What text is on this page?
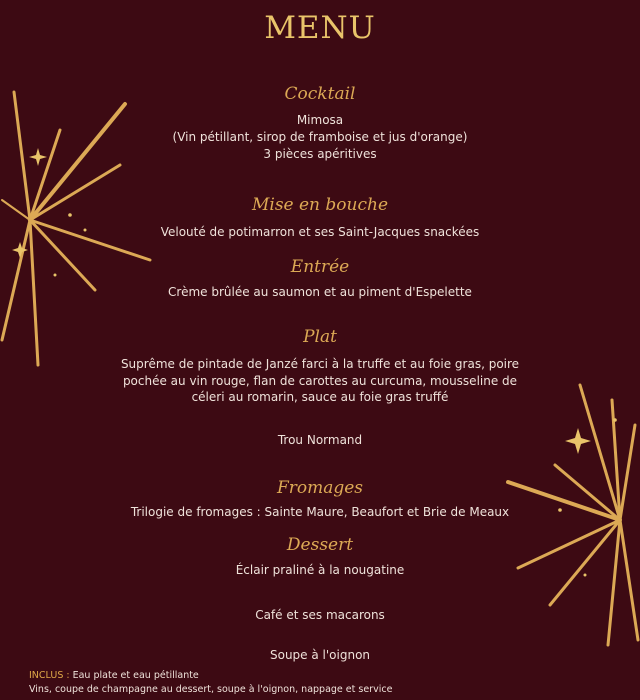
MENU
Cocktail
Mimosa
(Vin pétillant, sirop de framboise et jus d'orange)
3 pièces apéritives
Mise en bouche
Velouté de potimarron et ses Saint-Jacques snackées
Entrée
Crème brûlée au saumon et au piment d'Espelette
Plat
Suprême de pintade de Janzé farci à la truffe et au foie gras, poire
pochée au vin rouge, flan de carottes au curcuma, mousseline de
céleri au romarin, sauce au foie gras truffé
Trou Normand
Fromages
Trilogie de fromages : Sainte Maure, Beaufort et Brie de Meaux
Dessert
Éclair praliné à la nougatine
Café et ses macarons
Soupe à l'oignon
INCLUS : Eau plate et eau pétillante
Vins, coupe de champagne au dessert, soupe à l'oignon, nappage et service
